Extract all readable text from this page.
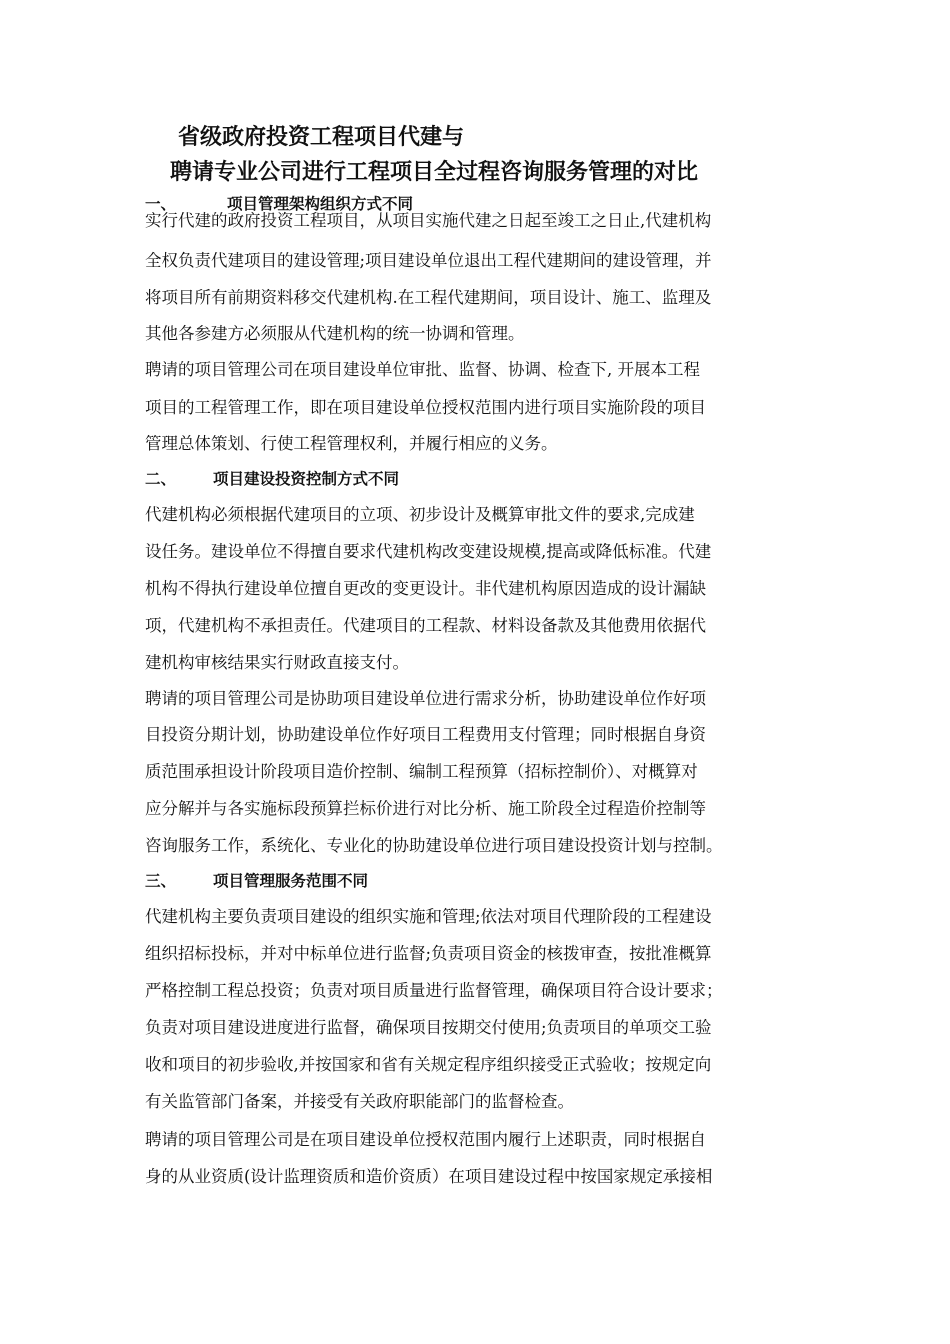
省级政府投资工程项目代建与
聘请专业公司进行工程项目全过程咨询服务管理的对比
一、	项目管理架构组织方式不同
实行代建的政府投资工程项目，从项目实施代建之日起至竣工之日止,代建机构
全权负责代建项目的建设管理;项目建设单位退出工程代建期间的建设管理，并
将项目所有前期资料移交代建机构.在工程代建期间，项目设计、施工、监理及
其他各参建方必须服从代建机构的统一协调和管理。
聘请的项目管理公司在项目建设单位审批、监督、协调、检查下, 开展本工程
项目的工程管理工作，即在项目建设单位授权范围内进行项目实施阶段的项目
管理总体策划、行使工程管理权利，并履行相应的义务。
二、 项目建设投资控制方式不同
代建机构必须根据代建项目的立项、初步设计及概算审批文件的要求,完成建
设任务。建设单位不得擅自要求代建机构改变建设规模,提高或降低标准。代建
机构不得执行建设单位擅自更改的变更设计。非代建机构原因造成的设计漏缺
项，代建机构不承担责任。代建项目的工程款、材料设备款及其他费用依据代
建机构审核结果实行财政直接支付。
聘请的项目管理公司是协助项目建设单位进行需求分析，协助建设单位作好项
目投资分期计划，协助建设单位作好项目工程费用支付管理；同时根据自身资
质范围承担设计阶段项目造价控制、编制工程预算（招标控制价）、对概算对
应分解并与各实施标段预算拦标价进行对比分析、施工阶段全过程造价控制等
咨询服务工作，系统化、专业化的协助建设单位进行项目建设投资计划与控制。
三、 项目管理服务范围不同
代建机构主要负责项目建设的组织实施和管理;依法对项目代理阶段的工程建设
组织招标投标，并对中标单位进行监督;负责项目资金的核拨审查，按批准概算
严格控制工程总投资；负责对项目质量进行监督管理，确保项目符合设计要求；
负责对项目建设进度进行监督，确保项目按期交付使用;负责项目的单项交工验
收和项目的初步验收,并按国家和省有关规定程序组织接受正式验收；按规定向
有关监管部门备案，并接受有关政府职能部门的监督检查。
聘请的项目管理公司是在项目建设单位授权范围内履行上述职责，同时根据自
身的从业资质(设计监理资质和造价资质）在项目建设过程中按国家规定承接相
